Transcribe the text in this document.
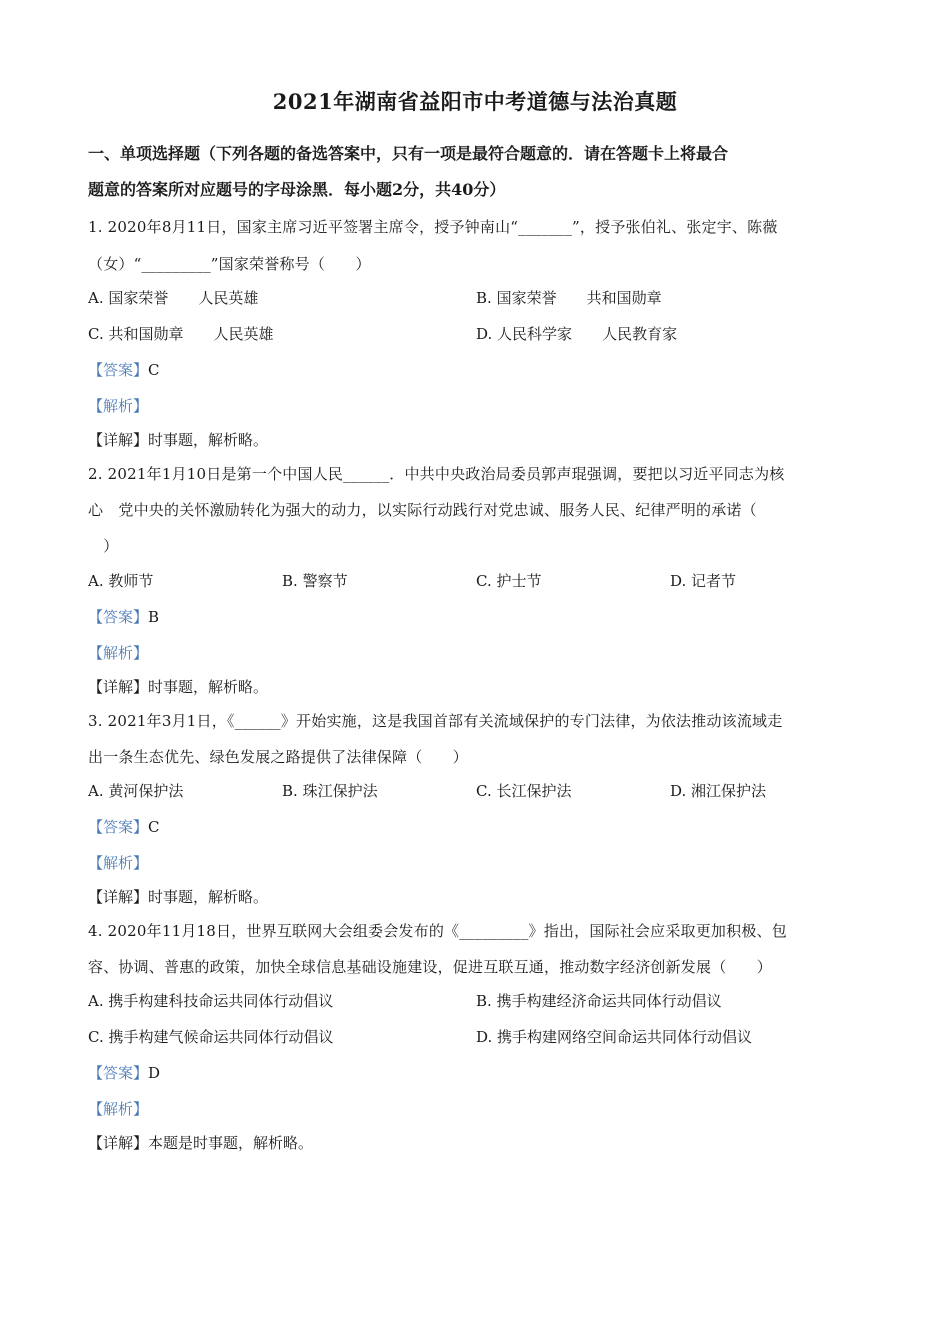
2021年湖南省益阳市中考道德与法治真题
一、单项选择题（下列各题的备选答案中，只有一项是最符合题意的．请在答题卡上将最合
题意的答案所对应题号的字母涂黑．每小题2分，共40分）
1. 2020年8月11日，国家主席习近平签署主席令，授予钟南山“_______”，授予张伯礼、张定宇、陈薇
（女）“_________”国家荣誉称号（　　）
A. 国家荣誉 人民英雄	B. 国家荣誉 共和国勋章
C. 共和国勋章 人民英雄	D. 人民科学家 人民教育家
【答案】C
【解析】
【详解】时事题，解析略。
2. 2021年1月10日是第一个中国人民______．中共中央政治局委员郭声琨强调，要把以习近平同志为核
心　党中央的关怀激励转化为强大的动力，以实际行动践行对党忠诚、服务人民、纪律严明的承诺（
　）
A. 教师节	B. 警察节	C. 护士节	D. 记者节
【答案】B
【解析】
【详解】时事题，解析略。
3. 2021年3月1日，《______》开始实施，这是我国首部有关流域保护的专门法律，为依法推动该流域走
出一条生态优先、绿色发展之路提供了法律保障（　　）
A. 黄河保护法	B. 珠江保护法	C. 长江保护法	D. 湘江保护法
【答案】C
【解析】
【详解】时事题，解析略。
4. 2020年11月18日，世界互联网大会组委会发布的《_________》指出，国际社会应采取更加积极、包
容、协调、普惠的政策，加快全球信息基础设施建设，促进互联互通，推动数字经济创新发展（　　）
A. 携手构建科技命运共同体行动倡议	B. 携手构建经济命运共同体行动倡议
C. 携手构建气候命运共同体行动倡议	D. 携手构建网络空间命运共同体行动倡议
【答案】D
【解析】
【详解】本题是时事题，解析略。
